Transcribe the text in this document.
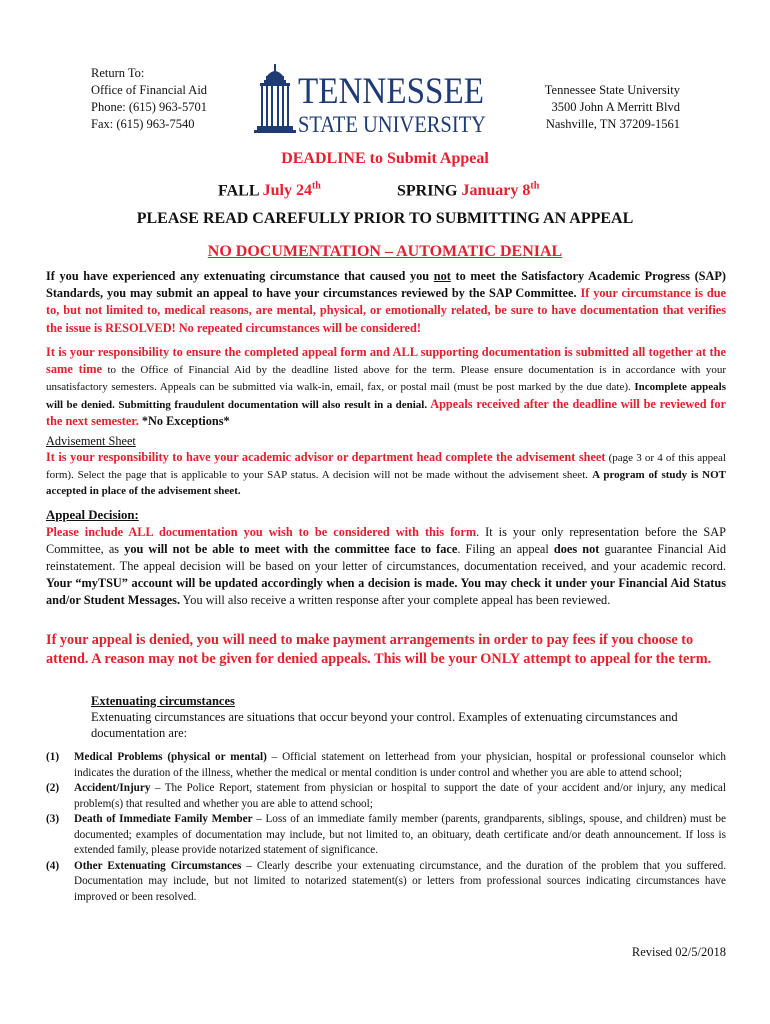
Return To:
Office of Financial Aid
Phone: (615) 963-5701
Fax: (615) 963-7540
TENNESSEE
STATE UNIVERSITY
Tennessee State University
3500 John A Merritt Blvd
Nashville, TN 37209-1561
DEADLINE to Submit Appeal
FALL July 24th	SPRING January 8th
PLEASE READ CAREFULLY PRIOR TO SUBMITTING AN APPEAL
NO DOCUMENTATION – AUTOMATIC DENIAL
If you have experienced any extenuating circumstance that caused you not to meet the Satisfactory Academic Progress (SAP) Standards, you may submit an appeal to have your circumstances reviewed by the SAP Committee. If your circumstance is due to, but not limited to, medical reasons, are mental, physical, or emotionally related, be sure to have documentation that verifies the issue is RESOLVED! No repeated circumstances will be considered!
It is your responsibility to ensure the completed appeal form and ALL supporting documentation is submitted all together at the same time to the Office of Financial Aid by the deadline listed above for the term. Please ensure documentation is in accordance with your unsatisfactory semesters. Appeals can be submitted via walk-in, email, fax, or postal mail (must be post marked by the due date). Incomplete appeals will be denied. Submitting fraudulent documentation will also result in a denial. Appeals received after the deadline will be reviewed for the next semester. *No Exceptions*
Advisement Sheet
It is your responsibility to have your academic advisor or department head complete the advisement sheet (page 3 or 4 of this appeal form). Select the page that is applicable to your SAP status. A decision will not be made without the advisement sheet. A program of study is NOT accepted in place of the advisement sheet.
Appeal Decision:
Please include ALL documentation you wish to be considered with this form. It is your only representation before the SAP Committee, as you will not be able to meet with the committee face to face. Filing an appeal does not guarantee Financial Aid reinstatement. The appeal decision will be based on your letter of circumstances, documentation received, and your academic record. Your “myTSU” account will be updated accordingly when a decision is made. You may check it under your Financial Aid Status and/or Student Messages. You will also receive a written response after your complete appeal has been reviewed.
If your appeal is denied, you will need to make payment arrangements in order to pay fees if you choose to attend. A reason may not be given for denied appeals. This will be your ONLY attempt to appeal for the term.
Extenuating circumstances
Extenuating circumstances are situations that occur beyond your control. Examples of extenuating circumstances and documentation are:
(1) Medical Problems (physical or mental) – Official statement on letterhead from your physician, hospital or professional counselor which indicates the duration of the illness, whether the medical or mental condition is under control and whether you are able to attend school;
(2) Accident/Injury – The Police Report, statement from physician or hospital to support the date of your accident and/or injury, any medical problem(s) that resulted and whether you are able to attend school;
(3) Death of Immediate Family Member – Loss of an immediate family member (parents, grandparents, siblings, spouse, and children) must be documented; examples of documentation may include, but not limited to, an obituary, death certificate and/or death announcement. If loss is extended family, please provide notarized statement of significance.
(4) Other Extenuating Circumstances – Clearly describe your extenuating circumstance, and the duration of the problem that you suffered. Documentation may include, but not limited to notarized statement(s) or letters from professional sources indicating circumstances have improved or been resolved.
Revised 02/5/2018
